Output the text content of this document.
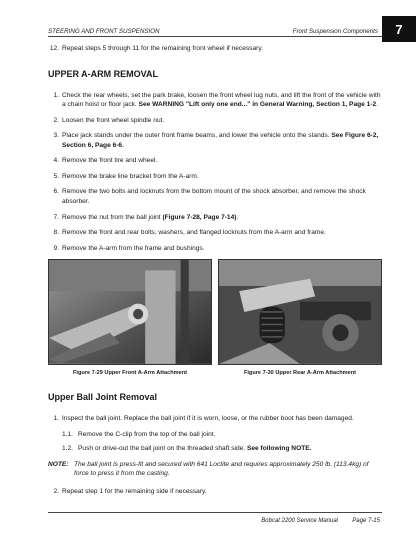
STEERING AND FRONT SUSPENSION	Front Suspension Components	7
12 . Repeat steps 5 through 11 for the remaining front wheel if necessary.
UPPER A-ARM REMOVAL
1 . Check the rear wheels, set the park brake, loosen the front wheel lug nuts, and lift the front of the vehicle with a chain hoist or floor jack. See WARNING "Lift only one end..." in General Warning, Section 1, Page 1-2.
2 . Loosen the front wheel spindle nut.
3 . Place jack stands under the outer front frame beams, and lower the vehicle onto the stands. See Figure 6-2, Section 6, Page 6-6.
4 . Remove the front tire and wheel.
5 . Remove the brake line bracket from the A-arm.
6 . Remove the two bolts and locknuts from the bottom mount of the shock absorber, and remove the shock absorber.
7 . Remove the nut from the ball joint (Figure 7-28, Page 7-14).
8 . Remove the front and rear bolts, washers, and flanged locknuts from the A-arm and frame.
9 . Remove the A-arm from the frame and bushings.
Figure 7-29 Upper Front A-Arm Attachment	Figure 7-30 Upper Rear A-Arm Attachment
Upper Ball Joint Removal
1 . Inspect the ball joint. Replace the ball joint if it is worn, loose, or the rubber boot has been damaged.
1.1. Remove the C-clip from the top of the ball joint.
1.2. Push or drive-out the ball joint on the threaded shaft side. See following NOTE.
NOTE: The ball joint is press-fit and secured with 641 Loctite and requires approximately 250 lb. (113.4kg) of force to press it from the casting.
2 . Repeat step 1 for the remaining side if necessary.
Bobcat 2200 Service Manual Page 7-15
